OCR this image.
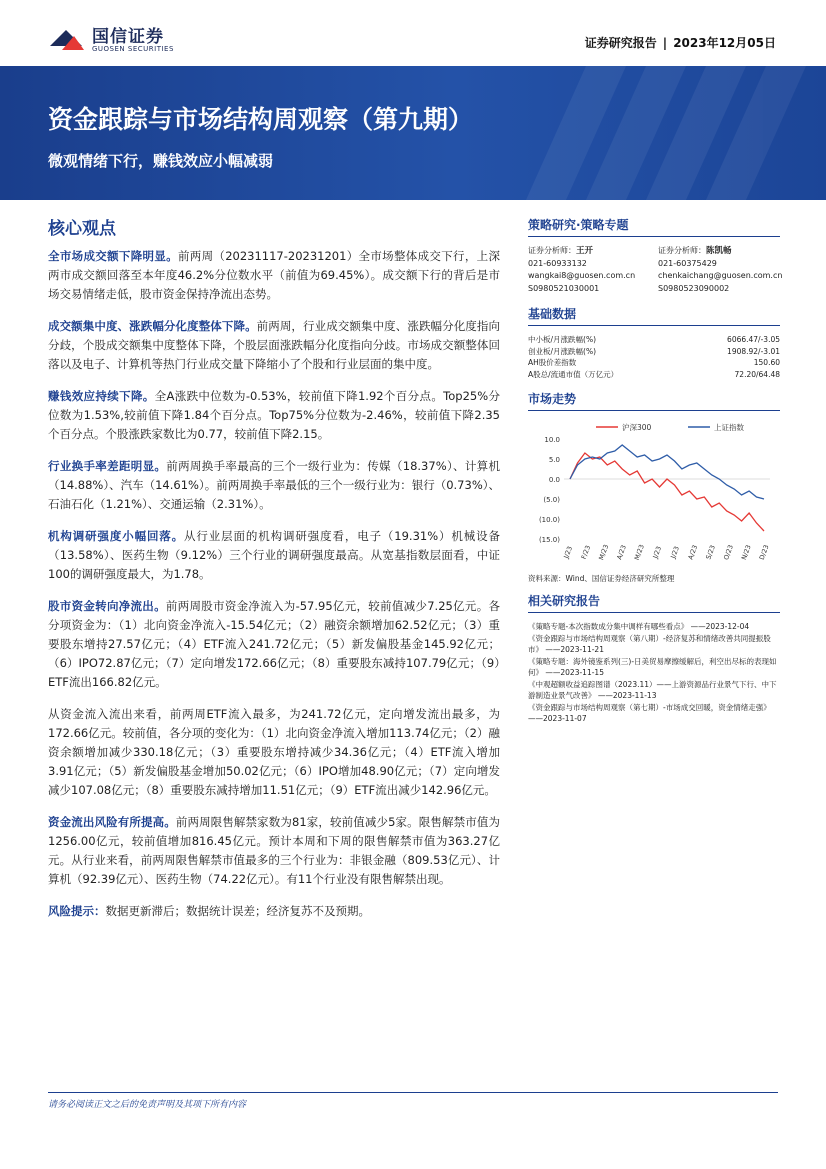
国信证券
GUOSEN SECURITIES	证券研究报告 | 2023年12月05日
资金跟踪与市场结构周观察（第九期）
微观情绪下行，赚钱效应小幅减弱
核心观点
全市场成交额下降明显。前两周（20231117-20231201）全市场整体成交下行，上深两市成交额回落至本年度46.2%分位数水平（前值为69.45%）。成交额下行的背后是市场交易情绪走低，股市资金保持净流出态势。
成交额集中度、涨跌幅分化度整体下降。前两周，行业成交额集中度、涨跌幅分化度指向分歧，个股成交额集中度整体下降，个股层面涨跌幅分化度指向分歧。市场成交额整体回落以及电子、计算机等热门行业成交量下降缩小了个股和行业层面的集中度。
赚钱效应持续下降。全A涨跌中位数为-0.53%，较前值下降1.92个百分点。Top25%分位数为1.53%,较前值下降1.84个百分点。Top75%分位数为-2.46%，较前值下降2.35个百分点。个股涨跌家数比为0.77，较前值下降2.15。
行业换手率差距明显。前两周换手率最高的三个一级行业为：传媒（18.37%）、计算机（14.88%）、汽车（14.61%）。前两周换手率最低的三个一级行业为：银行（0.73%）、石油石化（1.21%）、交通运输（2.31%）。
机构调研强度小幅回落。从行业层面的机构调研强度看，电子（19.31%）机械设备（13.58%）、医药生物（9.12%）三个行业的调研强度最高。从宽基指数层面看，中证100的调研强度最大，为1.78。
股市资金转向净流出。前两周股市资金净流入为-57.95亿元，较前值减少7.25亿元。各分项资金为：（1）北向资金净流入-15.54亿元；（2）融资余额增加62.52亿元；（3）重要股东增持27.57亿元；（4）ETF流入241.72亿元；（5）新发偏股基金145.92亿元；（6）IPO72.87亿元；（7）定向增发172.66亿元；（8）重要股东减持107.79亿元；（9）ETF流出166.82亿元。
从资金流入流出来看，前两周ETF流入最多，为241.72亿元，定向增发流出最多，为172.66亿元。较前值，各分项的变化为：（1）北向资金净流入增加113.74亿元；（2）融资余额增加减少330.18亿元；（3）重要股东增持减少34.36亿元；（4）ETF流入增加3.91亿元；（5）新发偏股基金增加50.02亿元；（6）IPO增加48.90亿元；（7）定向增发减少107.08亿元；（8）重要股东减持增加11.51亿元；（9）ETF流出减少142.96亿元。
资金流出风险有所提高。前两周限售解禁家数为81家，较前值减少5家。限售解禁市值为1256.00亿元，较前值增加816.45亿元。预计本周和下周的限售解禁市值为363.27亿元。从行业来看，前两周限售解禁市值最多的三个行业为：非银金融（809.53亿元）、计算机（92.39亿元）、医药生物（74.22亿元）。有11个行业没有限售解禁出现。
风险提示：数据更新滞后；数据统计误差；经济复苏不及预期。
策略研究·策略专题
证券分析师：王开
021-60933132
wangkai8@guosen.com.cn
S0980521030001
证券分析师：陈凯畅
021-60375429
chenkaichang@guosen.com.cn
S0980523090002
基础数据
中小板/月涨跌幅(%)	6066.47/-3.05
创业板/月涨跌幅(%)	1908.92/-3.01
AH股价差指数	150.60
A股总/流通市值（万亿元）	72.20/64.48
市场走势
10.0
5.0
0.0
(5.0)
(10.0)
(15.0)
J/23 F/23 M/23 A/23 M/23 J/23 J/23 A/23 S/23 O/23 N/23 D/23
沪深300	上证指数
资料来源：Wind、国信证券经济研究所整理
相关研究报告
《策略专题-本次指数成分集中调样有哪些看点》 ——2023-12-04
《资金跟踪与市场结构周观察（第八期）-经济复苏和情绪改善共同提振股市》 ——2023-11-21
《策略专题：海外镜鉴系列(三)-日美贸易摩擦缓解后，利空出尽标的表现如何》 ——2023-11-15
《中观超额收益追踪图谱（2023.11）——上游资源品行业景气下行、中下游制造业景气改善》 ——2023-11-13
《资金跟踪与市场结构周观察（第七期）-市场成交回暖，资金情绪走强》 ——2023-11-07
请务必阅读正文之后的免责声明及其项下所有内容
